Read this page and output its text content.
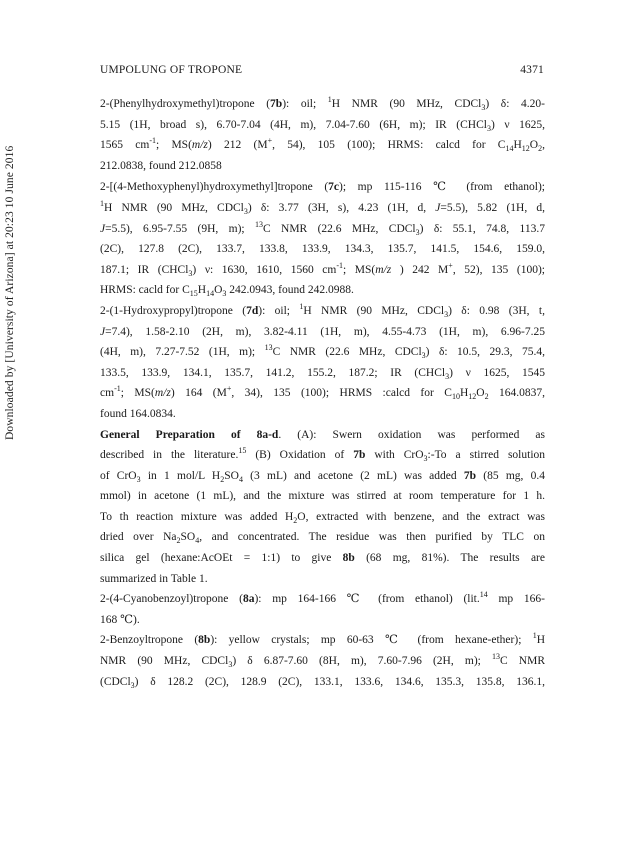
Downloaded by [University of Arizona] at 20:23 10 June 2016
UMPOLUNG OF TROPONE	4371

2-(Phenylhydroxymethyl)tropone (7b): oil; $^1$H NMR (90 MHz, CDCl$_3$) δ: 4.20-
5.15 (1H, broad s), 6.70-7.04 (4H, m), 7.04-7.60 (6H, m); IR (CHCl$_3$) ν 1625,
1565 $cm^{-1}$; MS(m/z) 212 (M+, 54), 105 (100); HRMS: calcd for $C_{14}H_{12}O_2$,
212.0838, found 212.0858

2-[(4-Methoxyphenyl)hydroxymethyl]tropone (7c); mp 115-116 ℃ (from ethanol);
$^1$H NMR (90 MHz, CDCl$_3$) δ: 3.77 (3H, s), 4.23 (1H, d, J=5.5), 5.82 (1H, d,
J=5.5), 6.95-7.55 (9H, m); $^{13}$C NMR (22.6 MHz, CDCl$_3$) δ: 55.1, 74.8, 113.7
(2C), 127.8 (2C), 133.7, 133.8, 133.9, 134.3, 135.7, 141.5, 154.6, 159.0,
187.1; IR (CHCl$_3$) ν: 1630, 1610, 1560 $cm^{-1}$; MS(m/z ) 242 M+, 52), 135 (100);
HRMS: cacld for $C_{15}H_{14}O_3$ 242.0943, found 242.0988.

2-(1-Hydroxypropyl)tropone (7d): oil; $^1$H NMR (90 MHz, CDCl$_3$) δ: 0.98 (3H, t,
J=7.4), 1.58-2.10 (2H, m), 3.82-4.11 (1H, m), 4.55-4.73 (1H, m), 6.96-7.25
(4H, m), 7.27-7.52 (1H, m); $^{13}$C NMR (22.6 MHz, CDCl$_3$) δ: 10.5, 29.3, 75.4,
133.5, 133.9, 134.1, 135.7, 141.2, 155.2, 187.2; IR (CHCl$_3$) ν 1625, 1545
$cm^{-1}$; MS(m/z) 164 (M+, 34), 135 (100); HRMS :calcd for $C_{10}H_{12}O_2$ 164.0837,
found 164.0834.

General Preparation of 8a-d. (A): Swern oxidation was performed as
described in the literature.$^{15}$ (B) Oxidation of 7b with CrO$_3$:-To a stirred solution
of CrO$_3$ in 1 mol/L $H_2SO_4$ (3 mL) and acetone (2 mL) was added 7b (85 mg, 0.4
mmol) in acetone (1 mL), and the mixture was stirred at room temperature for 1 h.
To th reaction mixture was added $H_2O$, extracted with benzene, and the extract was
dried over $Na_2SO_4$, and concentrated. The residue was then purified by TLC on
silica gel (hexane:AcOEt = 1:1) to give 8b (68 mg, 81%). The results are
summarized in Table 1.

2-(4-Cyanobenzoyl)tropone (8a): mp 164-166 ℃ (from ethanol) (lit.$^{14}$ mp 166-
168 ℃).

2-Benzoyltropone (8b): yellow crystals; mp 60-63 ℃ (from hexane-ether); $^1$H
NMR (90 MHz, CDCl$_3$) δ 6.87-7.60 (8H, m), 7.60-7.96 (2H, m); $^{13}$C NMR
(CDCl$_3$) δ 128.2 (2C), 128.9 (2C), 133.1, 133.6, 134.6, 135.3, 135.8, 136.1,
